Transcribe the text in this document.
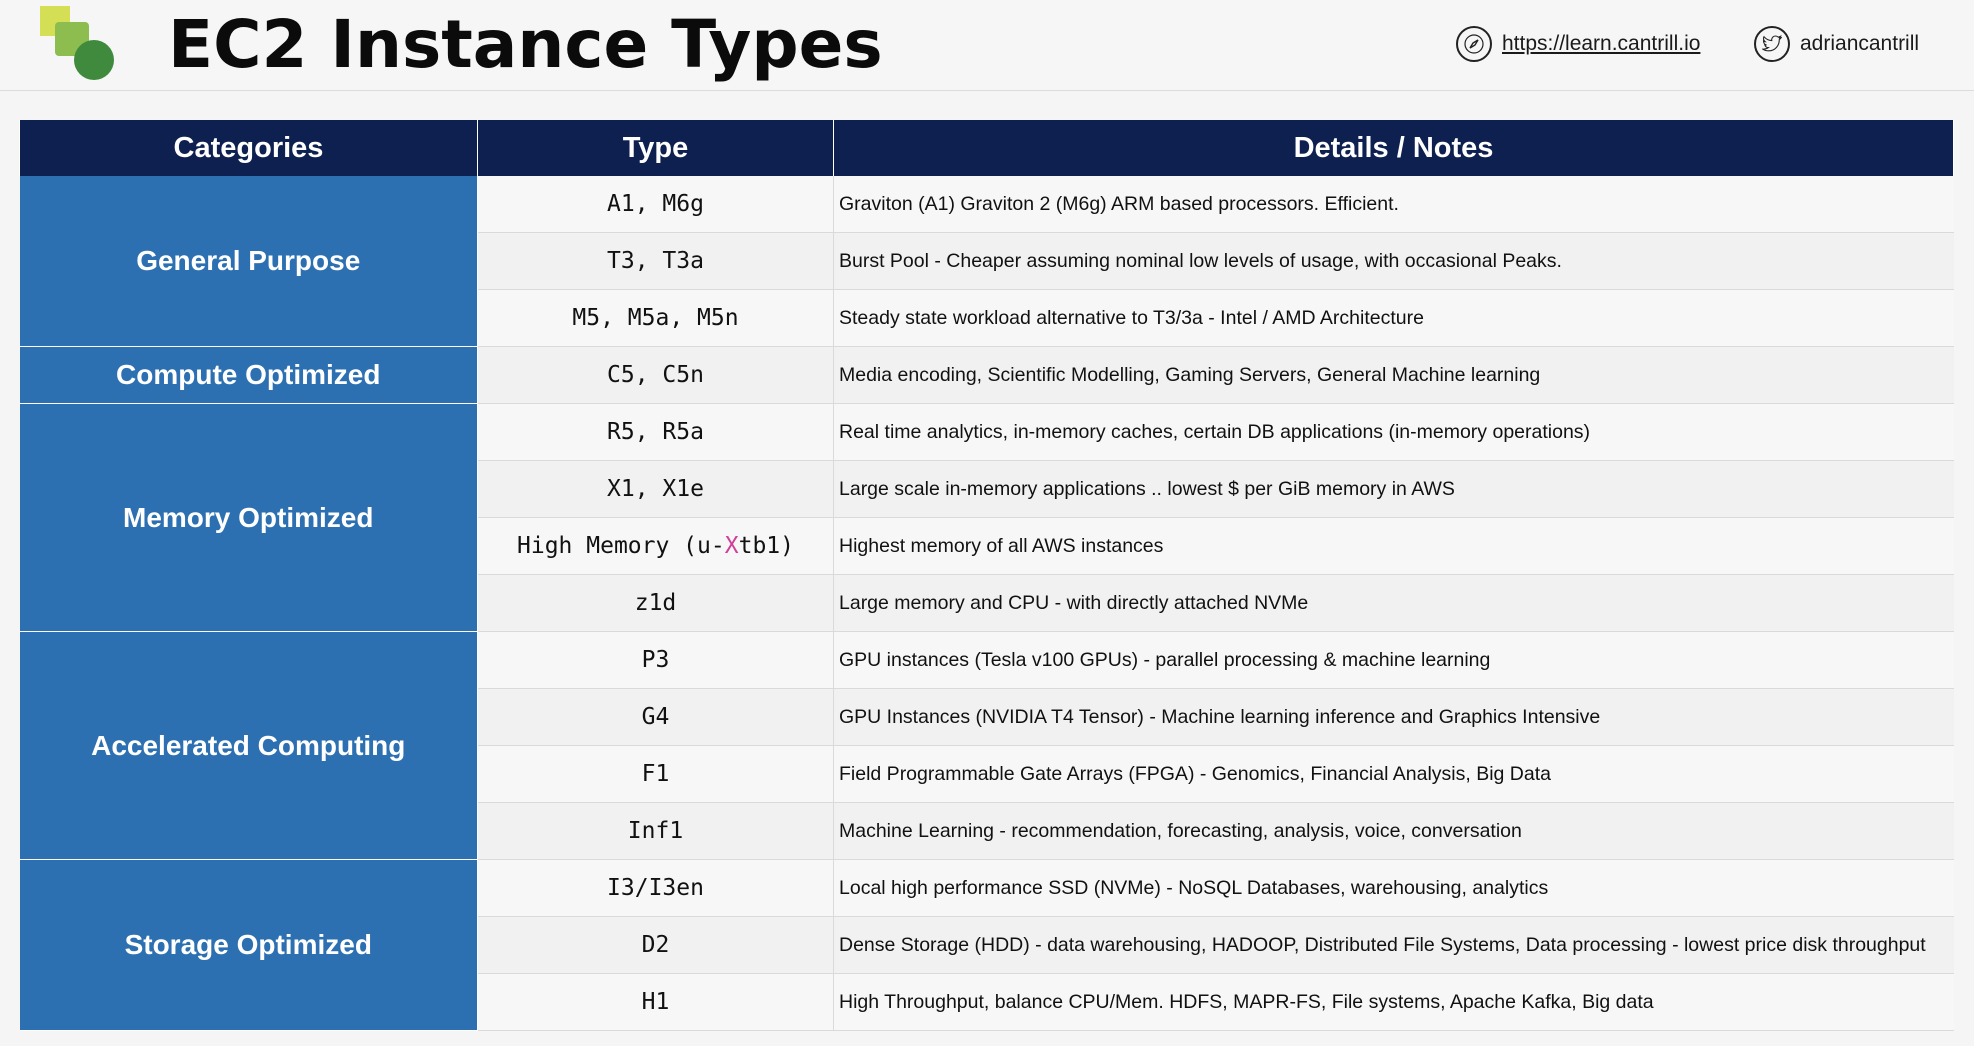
EC2 Instance Types	https://learn.cantrill.io	adriancantrill
Categories	Type	Details / Notes
General Purpose	A1, M6g	Graviton (A1) Graviton 2 (M6g) ARM based processors. Efficient.
	T3, T3a	Burst Pool - Cheaper assuming nominal low levels of usage, with occasional Peaks.
	M5, M5a, M5n	Steady state workload alternative to T3/3a - Intel / AMD Architecture
Compute Optimized	C5, C5n	Media encoding, Scientific Modelling, Gaming Servers, General Machine learning
Memory Optimized	R5, R5a	Real time analytics, in-memory caches, certain DB applications (in-memory operations)
	X1, X1e	Large scale in-memory applications .. lowest $ per GiB memory in AWS
	High Memory (u-Xtb1)	Highest memory of all AWS instances
	z1d	Large memory and CPU - with directly attached NVMe
Accelerated Computing	P3	GPU instances (Tesla v100 GPUs) - parallel processing & machine learning
	G4	GPU Instances (NVIDIA T4 Tensor) - Machine learning inference and Graphics Intensive
	F1	Field Programmable Gate Arrays (FPGA) - Genomics, Financial Analysis, Big Data
	Inf1	Machine Learning - recommendation, forecasting, analysis, voice, conversation
Storage Optimized	I3/I3en	Local high performance SSD (NVMe) - NoSQL Databases, warehousing, analytics
	D2	Dense Storage (HDD) - data warehousing, HADOOP, Distributed File Systems, Data processing - lowest price disk throughput
	H1	High Throughput, balance CPU/Mem. HDFS, MAPR-FS, File systems, Apache Kafka, Big data
